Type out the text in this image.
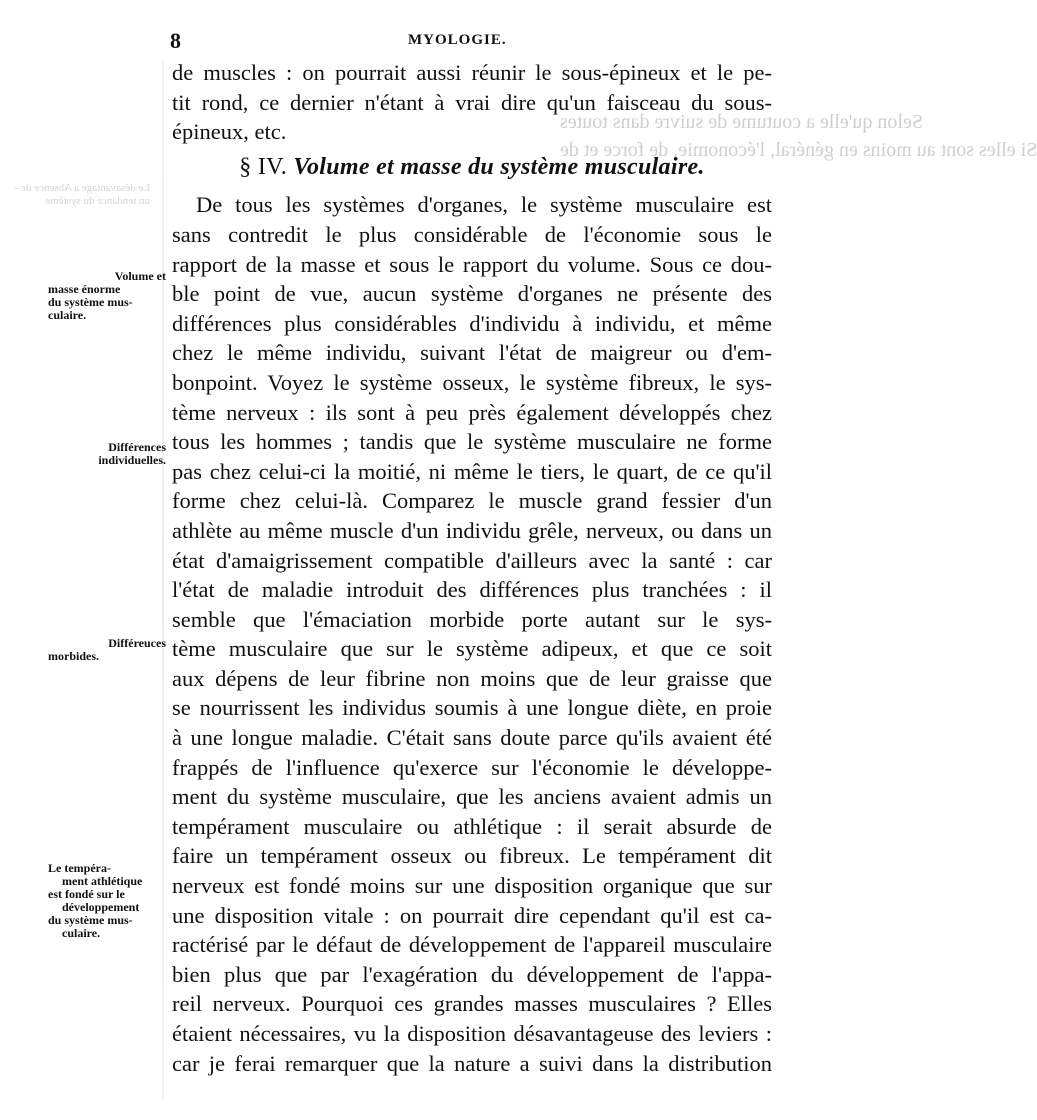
Selon qu'elle a coutume de suivre dans toutes
Si elles sont au moins en général, l'économie, de force et de
Le désavantage a Absence de - un tendance du système
8	MYOLOGIE.
Volume et
masse énorme
du système mus-
culaire.
Différences
individuelles.
Différeuces
morbides.
Le tempéra-
ment athlétique
est fondé sur le
développement
du système mus-
culaire.
de muscles : on pourrait aussi réunir le sous-épineux et le pe-
tit rond, ce dernier n'étant à vrai dire qu'un faisceau du sous-
épineux, etc.
§ IV. Volume et masse du système musculaire.
De tous les systèmes d'organes, le système musculaire est
sans contredit le plus considérable de l'économie sous le
rapport de la masse et sous le rapport du volume. Sous ce dou-
ble point de vue, aucun système d'organes ne présente des
différences plus considérables d'individu à individu, et même
chez le même individu, suivant l'état de maigreur ou d'em-
bonpoint. Voyez le système osseux, le système fibreux, le sys-
tème nerveux : ils sont à peu près également développés chez
tous les hommes ; tandis que le système musculaire ne forme
pas chez celui-ci la moitié, ni même le tiers, le quart, de ce qu'il
forme chez celui-là. Comparez le muscle grand fessier d'un
athlète au même muscle d'un individu grêle, nerveux, ou dans un
état d'amaigrissement compatible d'ailleurs avec la santé : car
l'état de maladie introduit des différences plus tranchées : il
semble que l'émaciation morbide porte autant sur le sys-
tème musculaire que sur le système adipeux, et que ce soit
aux dépens de leur fibrine non moins que de leur graisse que
se nourrissent les individus soumis à une longue diète, en proie
à une longue maladie. C'était sans doute parce qu'ils avaient été
frappés de l'influence qu'exerce sur l'économie le développe-
ment du système musculaire, que les anciens avaient admis un
tempérament musculaire ou athlétique : il serait absurde de
faire un tempérament osseux ou fibreux. Le tempérament dit
nerveux est fondé moins sur une disposition organique que sur
une disposition vitale : on pourrait dire cependant qu'il est ca-
ractérisé par le défaut de développement de l'appareil musculaire
bien plus que par l'exagération du développement de l'appa-
reil nerveux. Pourquoi ces grandes masses musculaires ? Elles
étaient nécessaires, vu la disposition désavantageuse des leviers :
car je ferai remarquer que la nature a suivi dans la distribution
